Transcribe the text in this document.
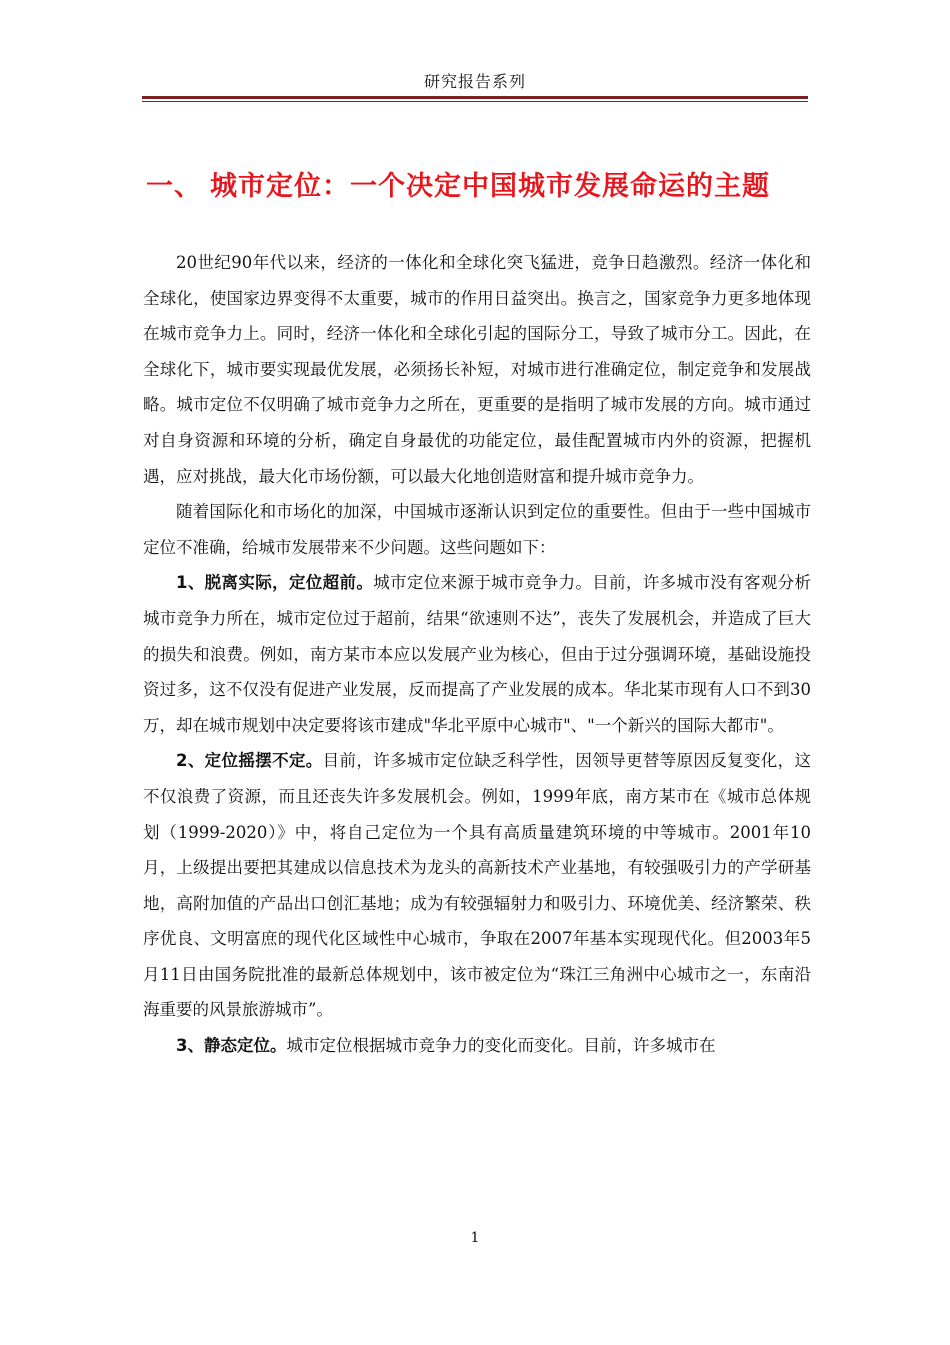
研究报告系列
一、 城市定位：一个决定中国城市发展命运的主题

20世纪90年代以来，经济的一体化和全球化突飞猛进，竞争日趋激烈。经济一体化和全球化，使国家边界变得不太重要，城市的作用日益突出。换言之，国家竞争力更多地体现在城市竞争力上。同时，经济一体化和全球化引起的国际分工，导致了城市分工。因此，在全球化下，城市要实现最优发展，必须扬长补短，对城市进行准确定位，制定竞争和发展战略。城市定位不仅明确了城市竞争力之所在，更重要的是指明了城市发展的方向。城市通过对自身资源和环境的分析，确定自身最优的功能定位，最佳配置城市内外的资源，把握机遇，应对挑战，最大化市场份额，可以最大化地创造财富和提升城市竞争力。

随着国际化和市场化的加深，中国城市逐渐认识到定位的重要性。但由于一些中国城市定位不准确，给城市发展带来不少问题。这些问题如下：

1、脱离实际，定位超前。城市定位来源于城市竞争力。目前，许多城市没有客观分析城市竞争力所在，城市定位过于超前，结果“欲速则不达”，丧失了发展机会，并造成了巨大的损失和浪费。例如，南方某市本应以发展产业为核心，但由于过分强调环境，基础设施投资过多，这不仅没有促进产业发展，反而提高了产业发展的成本。华北某市现有人口不到30万，却在城市规划中决定要将该市建成"华北平原中心城市"、"一个新兴的国际大都市"。

2、定位摇摆不定。目前，许多城市定位缺乏科学性，因领导更替等原因反复变化，这不仅浪费了资源，而且还丧失许多发展机会。例如，1999年底，南方某市在《城市总体规划（1999-2020）》中，将自己定位为一个具有高质量建筑环境的中等城市。2001年10月，上级提出要把其建成以信息技术为龙头的高新技术产业基地，有较强吸引力的产学研基地，高附加值的产品出口创汇基地；成为有较强辐射力和吸引力、环境优美、经济繁荣、秩序优良、文明富庶的现代化区域性中心城市，争取在2007年基本实现现代化。但2003年5月11日由国务院批准的最新总体规划中，该市被定位为“珠江三角洲中心城市之一，东南沿海重要的风景旅游城市”。

3、静态定位。城市定位根据城市竞争力的变化而变化。目前，许多城市在

1
